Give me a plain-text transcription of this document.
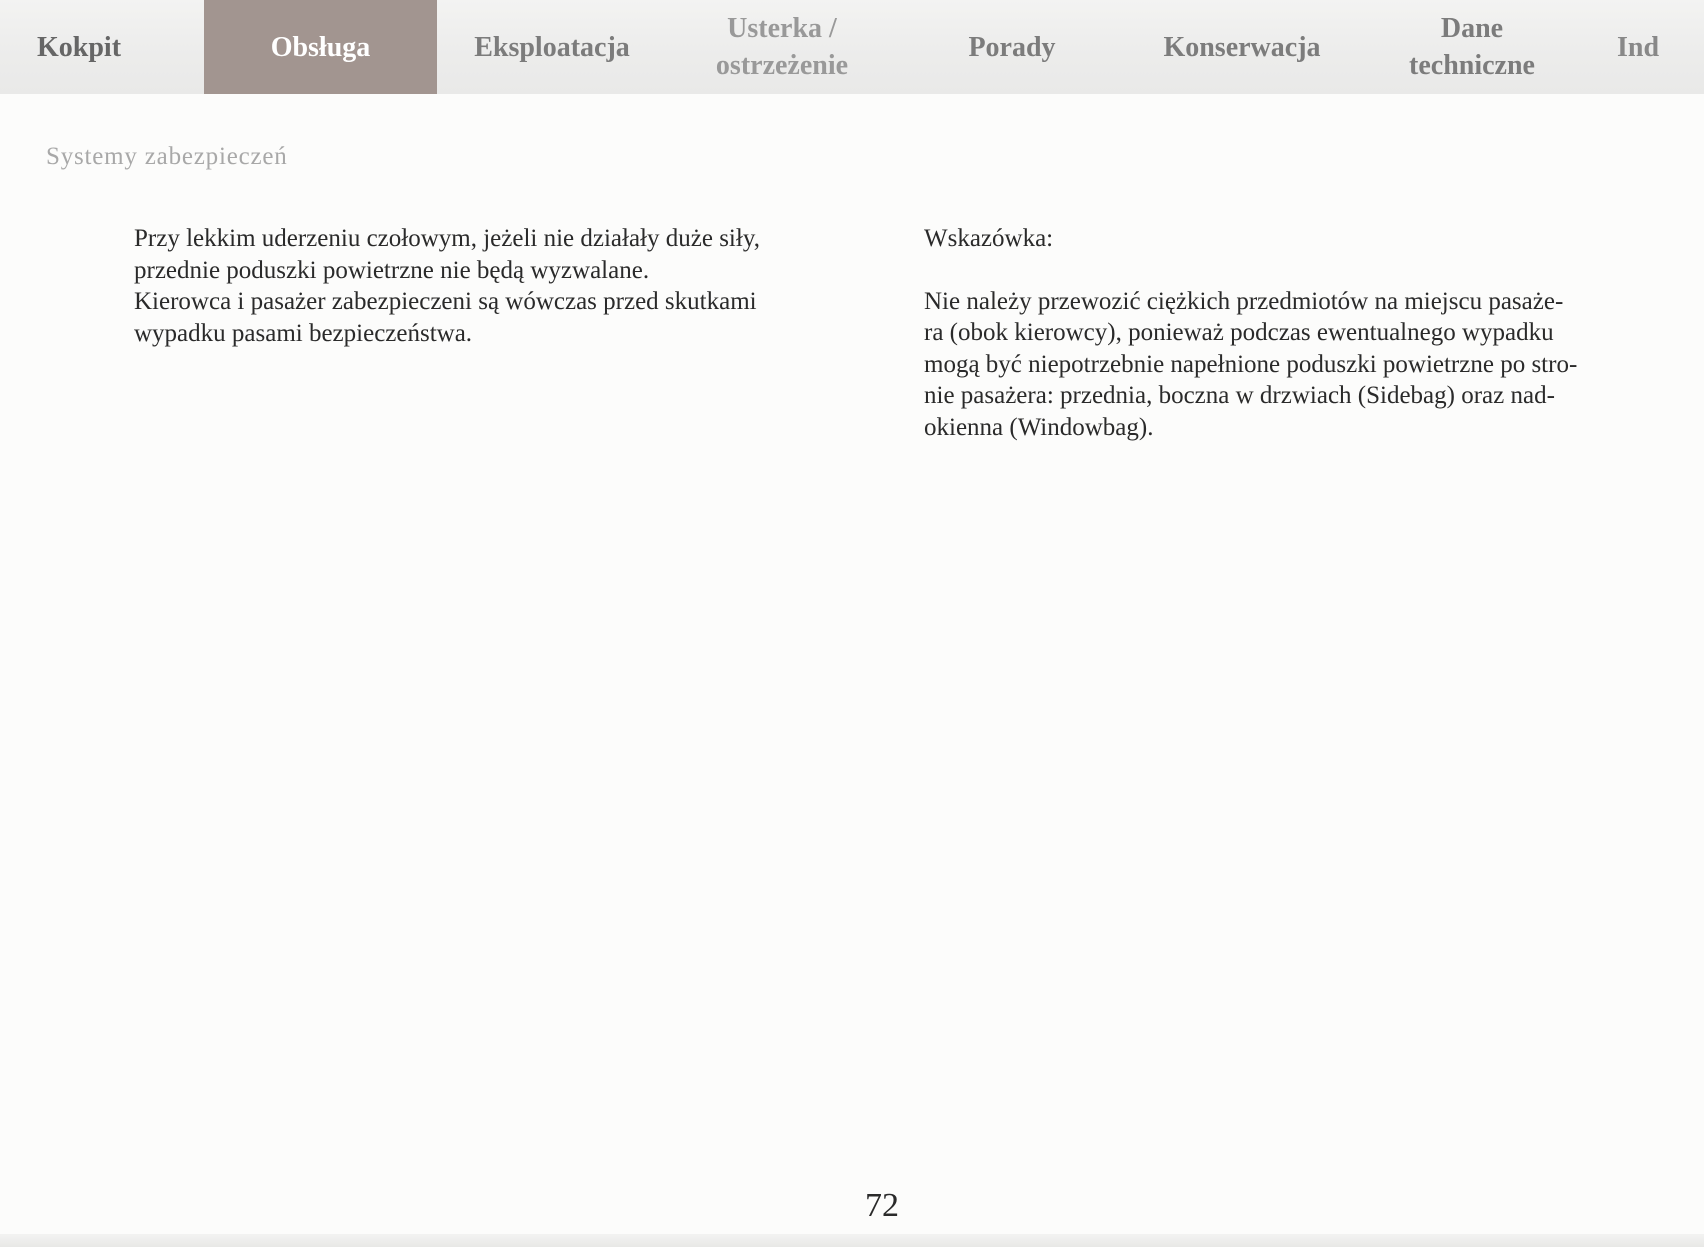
Kokpit	Obsługa	Eksploatacja
Usterka /
ostrzeżenie
Porady	Konserwacja
Dane
techniczne
Ind
Systemy zabezpieczeń

Przy lekkim uderzeniu czołowym, jeżeli nie działały duże siły,
przednie poduszki powietrzne nie będą wyzwalane.

Kierowca i pasażer zabezpieczeni są wówczas przed skutkami
wypadku pasami bezpieczeństwa.

Wskazówka:

Nie należy przewozić ciężkich przedmiotów na miejscu pasaże-
ra (obok kierowcy), ponieważ podczas ewentualnego wypadku
mogą być niepotrzebnie napełnione poduszki powietrzne po stro-
nie pasażera: przednia, boczna w drzwiach (Sidebag) oraz nad-
okienna (Windowbag).

72
